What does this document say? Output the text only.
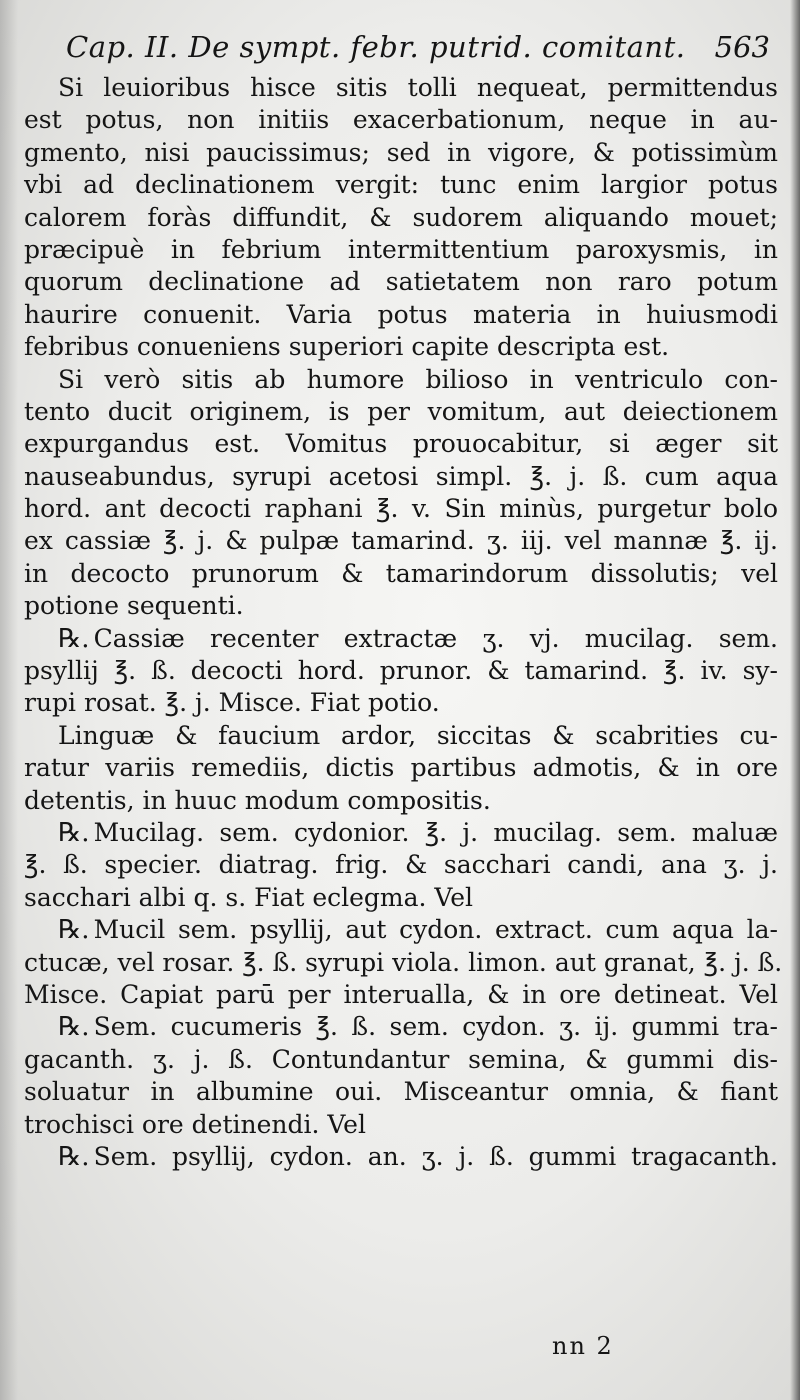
Cap. II. De sympt. febr. putrid. comitant. 563
Si leuioribus hisce sitis tolli nequeat, permittendus
est potus, non initiis exacerbationum, neque in au-
gmento, nisi paucissimus; sed in vigore, & potissimùm
vbi ad declinationem vergit: tunc enim largior potus
calorem foràs diffundit, & sudorem aliquando mouet;
præcipuè in febrium intermittentium paroxysmis, in
quorum declinatione ad satietatem non raro potum
haurire conuenit. Varia potus materia in huiusmodi
febribus conueniens superiori capite descripta est.
Si verò sitis ab humore bilioso in ventriculo con-
tento ducit originem, is per vomitum, aut deiectionem
expurgandus est. Vomitus prouocabitur, si æger sit
nauseabundus, syrupi acetosi simpl. ℥. j. ß. cum aqua
hord. ant decocti raphani ℥. v. Sin minùs, purgetur bolo
ex cassiæ ℥. j. & pulpæ tamarind. ʒ. iij. vel mannæ ℥. ij.
in decocto prunorum & tamarindorum dissolutis; vel
potione sequenti.
℞. Cassiæ recenter extractæ ʒ. vj. mucilag. sem.
psyllij ℥. ß. decocti hord. prunor. & tamarind. ℥. iv. sy-
rupi rosat. ℥. j. Misce. Fiat potio.
Linguæ & faucium ardor, siccitas & scabrities cu-
ratur variis remediis, dictis partibus admotis, & in ore
detentis, in huuc modum compositis.
℞. Mucilag. sem. cydonior. ℥. j. mucilag. sem. maluæ
℥. ß. specier. diatrag. frig. & sacchari candi, ana ʒ. j.
sacchari albi q. s. Fiat eclegma. Vel
℞. Mucil sem. psyllij, aut cydon. extract. cum aqua la-
ctucæ, vel rosar. ℥. ß. syrupi viola. limon. aut granat, ℥. j. ß.
Misce. Capiat parū per interualla, & in ore detineat. Vel
℞. Sem. cucumeris ℥. ß. sem. cydon. ʒ. ij. gummi tra-
gacanth. ʒ. j. ß. Contundantur semina, & gummi dis-
soluatur in albumine oui. Misceantur omnia, & fiant
trochisci ore detinendi. Vel
℞. Sem. psyllij, cydon. an. ʒ. j. ß. gummi tragacanth.
nn 2
